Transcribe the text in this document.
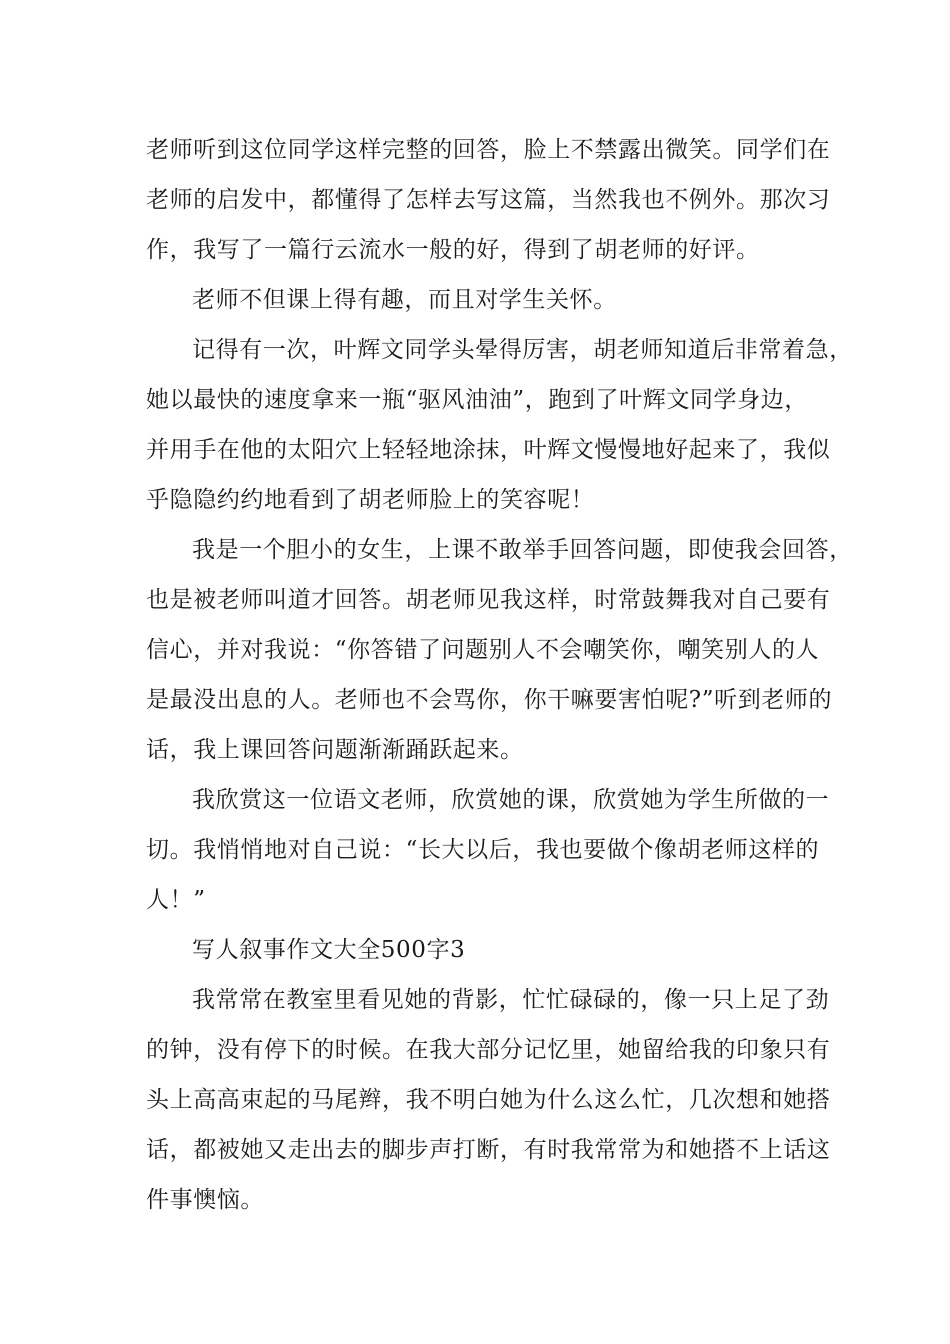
老师听到这位同学这样完整的回答，脸上不禁露出微笑。同学们在
老师的启发中，都懂得了怎样去写这篇，当然我也不例外。那次习
作，我写了一篇行云流水一般的好，得到了胡老师的好评。
老师不但课上得有趣，而且对学生关怀。
记得有一次，叶辉文同学头晕得厉害，胡老师知道后非常着急，
她以最快的速度拿来一瓶“驱风油油”，跑到了叶辉文同学身边，
并用手在他的太阳穴上轻轻地涂抹，叶辉文慢慢地好起来了，我似
乎隐隐约约地看到了胡老师脸上的笑容呢！
我是一个胆小的女生，上课不敢举手回答问题，即使我会回答，
也是被老师叫道才回答。胡老师见我这样，时常鼓舞我对自己要有
信心，并对我说：“你答错了问题别人不会嘲笑你，嘲笑别人的人
是最没出息的人。老师也不会骂你，你干嘛要害怕呢?”听到老师的
话，我上课回答问题渐渐踊跃起来。
我欣赏这一位语文老师，欣赏她的课，欣赏她为学生所做的一
切。我悄悄地对自己说：“长大以后，我也要做个像胡老师这样的
人！”
写人叙事作文大全500字3
我常常在教室里看见她的背影，忙忙碌碌的，像一只上足了劲
的钟，没有停下的时候。在我大部分记忆里，她留给我的印象只有
头上高高束起的马尾辫，我不明白她为什么这么忙，几次想和她搭
话，都被她又走出去的脚步声打断，有时我常常为和她搭不上话这
件事懊恼。
